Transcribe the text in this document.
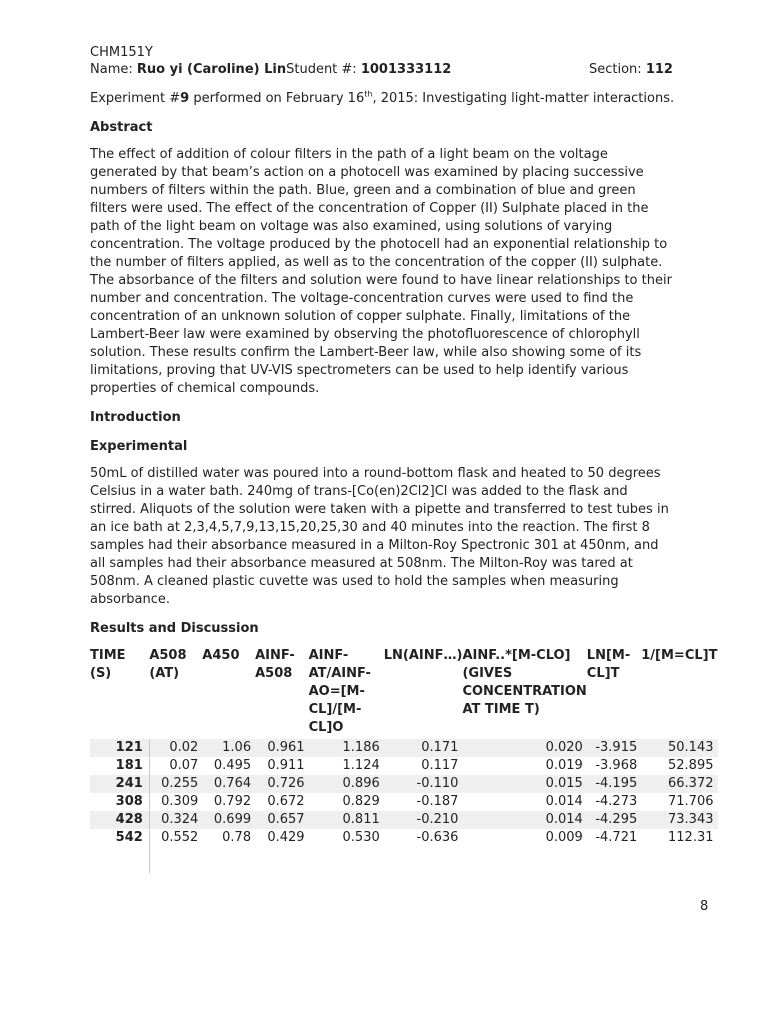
CHM151Y
Name: Ruo yi (Caroline) LinStudent #: 1001333112	Section: 112
Experiment #9 performed on February 16th, 2015: Investigating light-matter interactions.
Abstract
The effect of addition of colour filters in the path of a light beam on the voltage generated by that beam’s action on a photocell was examined by placing successive numbers of filters within the path. Blue, green and a combination of blue and green filters were used. The effect of the concentration of Copper (II) Sulphate placed in the path of the light beam on voltage was also examined, using solutions of varying concentration. The voltage produced by the photocell had an exponential relationship to the number of filters applied, as well as to the concentration of the copper (II) sulphate. The absorbance of the filters and solution were found to have linear relationships to their number and concentration. The voltage-concentration curves were used to find the concentration of an unknown solution of copper sulphate. Finally, limitations of the Lambert-Beer law were examined by observing the photofluorescence of chlorophyll solution. These results confirm the Lambert-Beer law, while also showing some of its limitations, proving that UV-VIS spectrometers can be used to help identify various properties of chemical compounds.
Introduction
Experimental
50mL of distilled water was poured into a round-bottom flask and heated to 50 degrees Celsius in a water bath. 240mg of trans-[Co(en)2Cl2]Cl was added to the flask and stirred. Aliquots of the solution were taken with a pipette and transferred to test tubes in an ice bath at 2,3,4,5,7,9,13,15,20,25,30 and 40 minutes into the reaction. The first 8 samples had their absorbance measured in a Milton-Roy Spectronic 301 at 450nm, and all samples had their absorbance measured at 508nm. The Milton-Roy was tared at 508nm. A cleaned plastic cuvette was used to hold the samples when measuring absorbance.
Results and Discussion
TIME (S)	A508 (AT)	A450	AINF-A508	AINF-AT/AINF-AO=[M-CL]/[M-CL]O	LN(AINF…)	AINF..*[M-CLO] (GIVES CONCENTRATION AT TIME T)	LN[M-CL]T	1/[M=CL]T
121	0.02	1.06	0.961	1.186	0.171	0.020	-3.915	50.143
181	0.07	0.495	0.911	1.124	0.117	0.019	-3.968	52.895
241	0.255	0.764	0.726	0.896	-0.110	0.015	-4.195	66.372
308	0.309	0.792	0.672	0.829	-0.187	0.014	-4.273	71.706
428	0.324	0.699	0.657	0.811	-0.210	0.014	-4.295	73.343
542	0.552	0.78	0.429	0.530	-0.636	0.009	-4.721	112.31

8
